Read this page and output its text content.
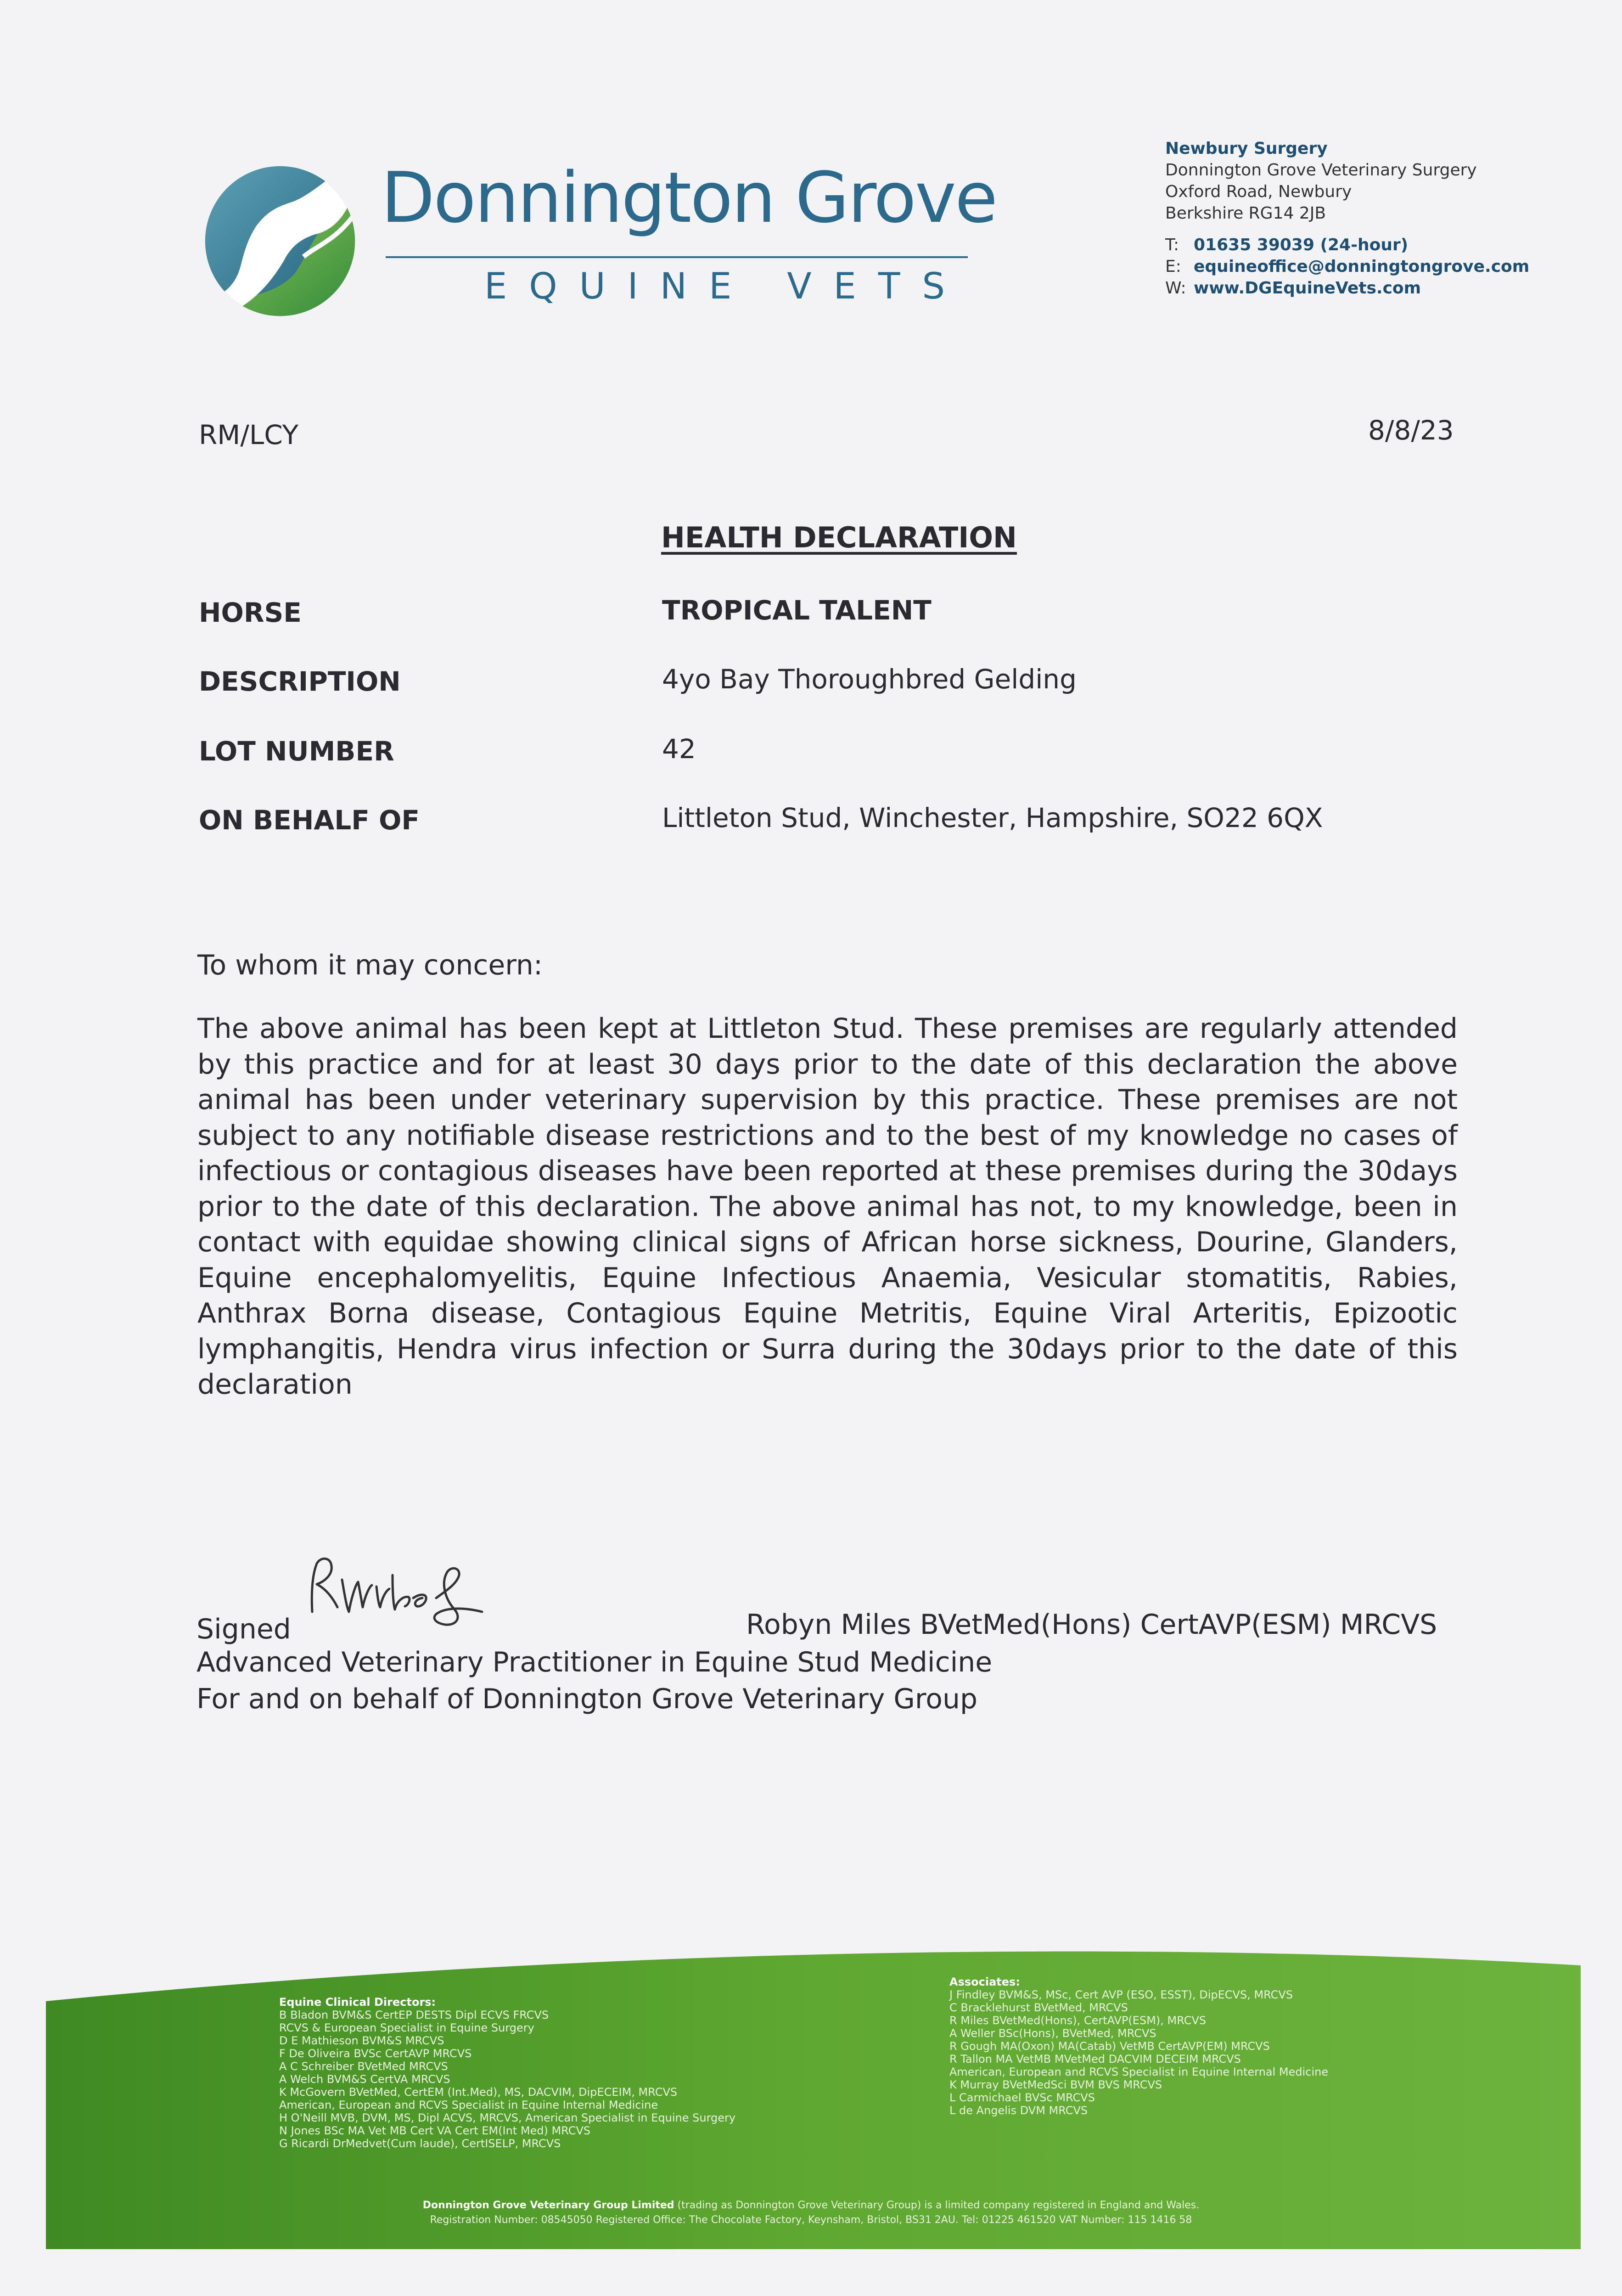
Donnington Grove
EQUINE VETS
Newbury Surgery
Donnington Grove Veterinary Surgery
Oxford Road, Newbury
Berkshire RG14 2JB
T: 01635 39039 (24-hour)
E: equineoffice@donningtongrove.com
W: www.DGEquineVets.com
RM/LCY	8/8/23
HEALTH DECLARATION
HORSE	TROPICAL TALENT
DESCRIPTION	4yo Bay Thoroughbred Gelding
LOT NUMBER	42
ON BEHALF OF	Littleton Stud, Winchester, Hampshire, SO22 6QX
To whom it may concern:
The above animal has been kept at Littleton Stud. These premises are regularly attended by this practice and for at least 30 days prior to the date of this declaration the above animal has been under veterinary supervision by this practice. These premises are not subject to any notifiable disease restrictions and to the best of my knowledge no cases of infectious or contagious diseases have been reported at these premises during the 30days prior to the date of this declaration. The above animal has not, to my knowledge, been in contact with equidae showing clinical signs of African horse sickness, Dourine, Glanders, Equine encephalomyelitis, Equine Infectious Anaemia, Vesicular stomatitis, Rabies, Anthrax Borna disease, Contagious Equine Metritis, Equine Viral Arteritis, Epizootic lymphangitis, Hendra virus infection or Surra during the 30days prior to the date of this declaration
Signed	Robyn Miles BVetMed(Hons) CertAVP(ESM) MRCVS
Advanced Veterinary Practitioner in Equine Stud Medicine
For and on behalf of Donnington Grove Veterinary Group
Equine Clinical Directors:
B Bladon BVM&S CertEP DESTS Dipl ECVS FRCVS
RCVS & European Specialist in Equine Surgery
D E Mathieson BVM&S MRCVS
F De Oliveira BVSc CertAVP MRCVS
A C Schreiber BVetMed MRCVS
A Welch BVM&S CertVA MRCVS
K McGovern BVetMed, CertEM (Int.Med), MS, DACVIM, DipECEIM, MRCVS
American, European and RCVS Specialist in Equine Internal Medicine
H O'Neill MVB, DVM, MS, Dipl ACVS, MRCVS, American Specialist in Equine Surgery
N Jones BSc MA Vet MB Cert VA Cert EM(Int Med) MRCVS
G Ricardi DrMedvet(Cum laude), CertISELP, MRCVS
Associates:
J Findley BVM&S, MSc, Cert AVP (ESO, ESST), DipECVS, MRCVS
C Bracklehurst BVetMed, MRCVS
R Miles BVetMed(Hons), CertAVP(ESM), MRCVS
A Weller BSc(Hons), BVetMed, MRCVS
R Gough MA(Oxon) MA(Catab) VetMB CertAVP(EM) MRCVS
R Tallon MA VetMB MVetMed DACVIM DECEIM MRCVS
American, European and RCVS Specialist in Equine Internal Medicine
K Murray BVetMedSci BVM BVS MRCVS
L Carmichael BVSc MRCVS
L de Angelis DVM MRCVS
Donnington Grove Veterinary Group Limited (trading as Donnington Grove Veterinary Group) is a limited company registered in England and Wales.
Registration Number: 08545050 Registered Office: The Chocolate Factory, Keynsham, Bristol, BS31 2AU. Tel: 01225 461520 VAT Number: 115 1416 58
